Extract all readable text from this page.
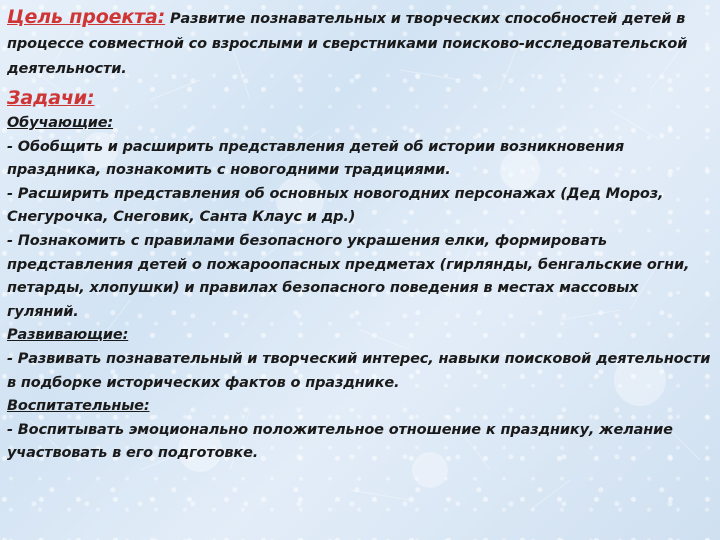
Цель проекта: Развитие познавательных и творческих способностей детей в процессе совместной со взрослыми и сверстниками поисково-исследовательской деятельности.

Задачи:
Обучающие:
- Обобщить и расширить представления детей об истории возникновения праздника, познакомить с новогодними традициями.
- Расширить представления об основных новогодних персонажах (Дед Мороз, Снегурочка, Снеговик, Санта Клаус и др.)
- Познакомить с правилами безопасного украшения елки, формировать представления детей о пожароопасных предметах (гирлянды, бенгальские огни, петарды, хлопушки) и правилах безопасного поведения в местах массовых гуляний.
Развивающие:
- Развивать познавательный и творческий интерес, навыки поисковой деятельности в подборке исторических фактов о празднике.
Воспитательные:
- Воспитывать эмоционально положительное отношение к празднику, желание участвовать в его подготовке.
